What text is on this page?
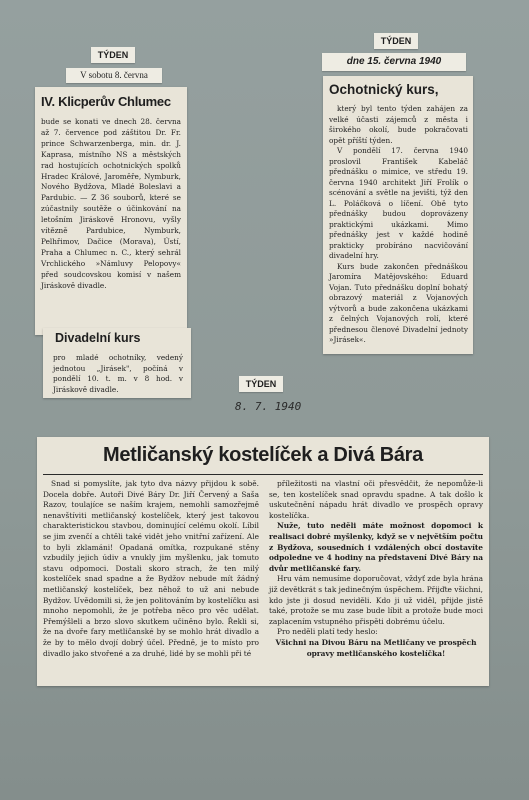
TÝDEN
V sobotu 8. června
IV. Klicperův Chlumec
bude se konati ve dnech 28. června až 7. července pod záštitou Dr. Fr. prince Schwarzenberga, min. dr. J. Kaprasa, místního NS a městských rad hostujících ochotnických spolků Hradec Králové, Jaroměře, Nymburk, Nového Bydžova, Mladé Boleslavi a Pardubic. — Z 36 souborů, které se zúčastnily soutěže o účinkování na letošním Jiráskově Hronovu, vyšly vítězně Pardubice, Nymburk, Pelhřimov, Dačice (Morava), Ústí, Praha a Chlumec n. C., který sehrál Vrchlického »Námluvy Pelopovy« před soudcovskou komisí v našem Jiráskově divadle.
TÝDEN
dne 15. června 1940
Ochotnický kurs,

který byl tento týden zahájen za velké účasti zájemců z města i širokého okolí, bude pokračovati opět příští týden.

V pondělí 17. června 1940 proslovil František Kabeláč přednášku o mimice, ve středu 19. června 1940 architekt Jiří Frolík o scénování a světle na jevišti, týž den L. Poláčková o líčení. Obě tyto přednášky budou doprovázeny praktickými ukázkami. Mimo přednášky jest v každé hodině prakticky probíráno nacvičování divadelní hry.

Kurs bude zakončen přednáškou Jaromíra Matějovského: Eduard Vojan. Tuto přednášku doplní bohatý obrazový materiál z Vojanových výtvorů a bude zakončena ukázkami z čelných Vojanových rolí, které přednesou členové Divadelní jednoty »Jirásek«.

Divadelní kurs
pro mladé ochotníky, vedený jednotou „Jirásek", počíná v pondělí 10. t. m. v 8 hod. v Jiráskově divadle.	TÝDEN
8. 7. 1940
Metličanský kostelíček a Divá Bára

Snad si pomyslíte, jak tyto dva názvy přijdou k sobě. Docela dobře. Autoři Divé Báry Dr. Jiří Červený a Saša Razov, toulajíce se naším krajem, nemohli samozřejmě nenavštíviti metličanský kostelíček, který jest takovou charakteristickou stavbou, dominující celému okolí. Líbil se jim zvenčí a chtěli také vidět jeho vnitřní zařízení. Ale to byli zklamáni! Opadaná omítka, rozpukané stěny vzbudily jejich údiv a vnukly jim myšlenku, jak tomuto stavu odpomoci. Dostali skoro strach, že ten milý kostelíček snad spadne a že Bydžov nebude mít žádný metličanský kostelíček, bez něhož to už ani nebude Bydžov. Uvědomili si, že jen politováním by kostelíčku asi mnoho nepomohli, že je potřeba něco pro věc udělat. Přemýšleli a brzo slovo skutkem učiněno bylo. Řekli si, že na dvoře fary metličanské by se mohlo hrát divadlo a že by to mělo dvojí dobrý účel. Předně, je to místo pro divadlo jako stvořené a za druhé, lidé by se mohli při té

příležitosti na vlastní oči přesvědčit, že nepomůže-li se, ten kostelíček snad opravdu spadne. A tak došlo k uskutečnění nápadu hrát divadlo ve prospěch opravy kostelíčka.

Nuže, tuto neděli máte možnost dopomoci k realisaci dobré myšlenky, když se v největším počtu z Bydžova, sousedních i vzdálených obcí dostavíte odpoledne ve 4 hodiny na představení Divé Báry na dvůr metličanské fary.

Hru vám nemusíme doporučovat, vždyť zde byla hrána již devětkrát s tak jedinečným úspěchem. Přijďte všichni, kdo jste ji dosud neviděli. Kdo ji už viděl, přijde jistě také, protože se mu zase bude líbit a protože bude moci zaplacením vstupného přispěti dobrému účelu.

Pro neděli platí tedy heslo:

Všichni na Divou Báru na Metličany ve prospěch opravy metličanského kostelíčka!
